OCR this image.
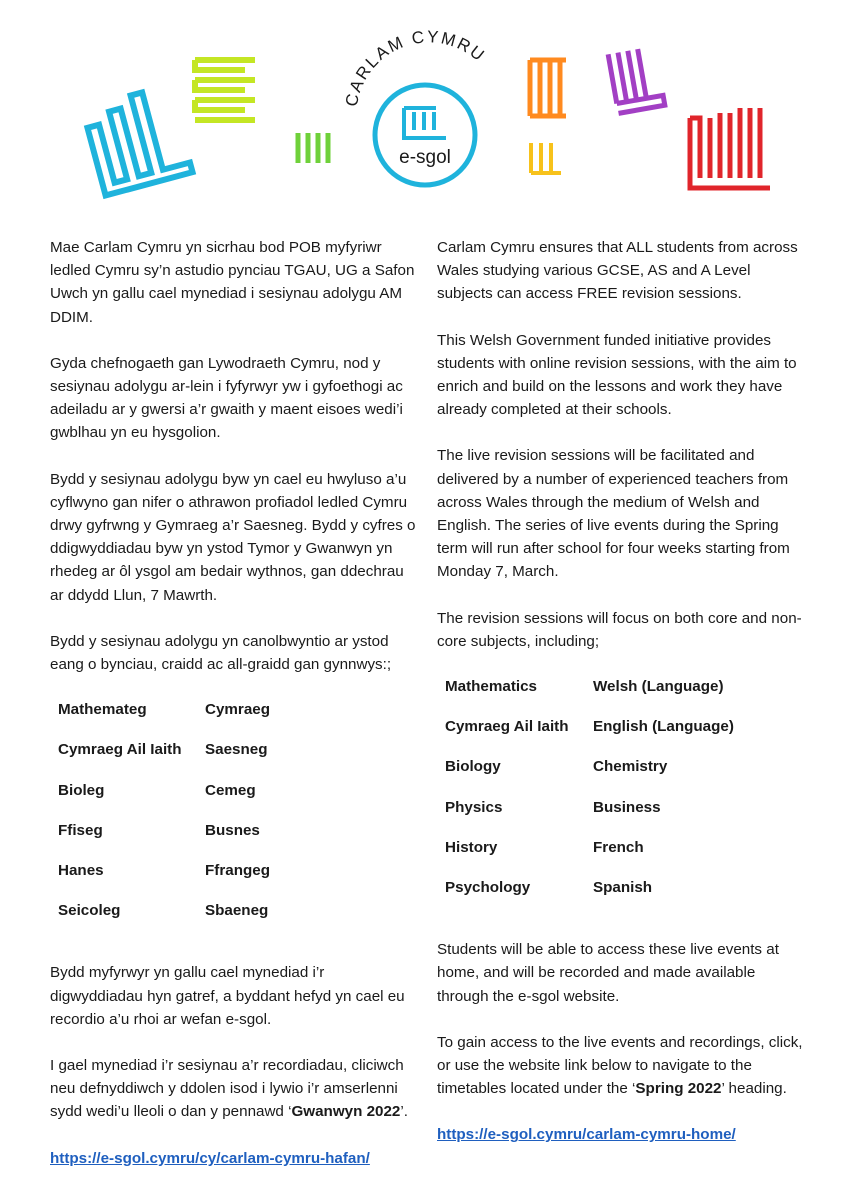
CARLAM CYMRU
e-sgol

Mae Carlam Cymru yn sicrhau bod POB myfyriwr ledled Cymru sy’n astudio pynciau TGAU, UG a Safon Uwch yn gallu cael mynediad i sesiynau adolygu AM DDIM.

Gyda chefnogaeth gan Lywodraeth Cymru, nod y sesiynau adolygu ar-lein i fyfyrwyr yw i gyfoethogi ac adeiladu ar y gwersi a’r gwaith y maent eisoes wedi’i gwblhau yn eu hysgolion.

Bydd y sesiynau adolygu byw yn cael eu hwyluso a’u cyflwyno gan nifer o athrawon profiadol ledled Cymru drwy gyfrwng y Gymraeg a’r Saesneg. Bydd y cyfres o ddigwyddiadau byw yn ystod Tymor y Gwanwyn yn rhedeg ar ôl ysgol am bedair wythnos, gan ddechrau ar ddydd Llun, 7 Mawrth.

Bydd y sesiynau adolygu yn canolbwyntio ar ystod eang o bynciau, craidd ac all-graidd gan gynnwys:;

Mathemateg	Cymraeg
Cymraeg Ail Iaith	Saesneg
Bioleg	Cemeg
Ffiseg	Busnes
Hanes	Ffrangeg
Seicoleg	Sbaeneg

Bydd myfyrwyr yn gallu cael mynediad i’r digwyddiadau hyn gatref, a byddant hefyd yn cael eu recordio a’u rhoi ar wefan e-sgol.

I gael mynediad i’r sesiynau a’r recordiadau, cliciwch neu defnyddiwch y ddolen isod i lywio i’r amserlenni sydd wedi’u lleoli o dan y pennawd ‘Gwanwyn 2022’.

https://e-sgol.cymru/cy/carlam-cymru-hafan/

Carlam Cymru ensures that ALL students from across Wales studying various GCSE, AS and A Level subjects can access FREE revision sessions.

This Welsh Government funded initiative provides students with online revision sessions, with the aim to enrich and build on the lessons and work they have already completed at their schools.

The live revision sessions will be facilitated and delivered by a number of experienced teachers from across Wales through the medium of Welsh and English. The series of live events during the Spring term will run after school for four weeks starting from Monday 7, March.

The revision sessions will focus on both core and non-core subjects, including;

Mathematics	Welsh (Language)
Cymraeg Ail Iaith	English (Language)
Biology	Chemistry
Physics	Business
History	French
Psychology	Spanish

Students will be able to access these live events at home, and will be recorded and made available through the e-sgol website.

To gain access to the live events and recordings, click, or use the website link below to navigate to the timetables located under the ‘Spring 2022’ heading.

https://e-sgol.cymru/carlam-cymru-home/
